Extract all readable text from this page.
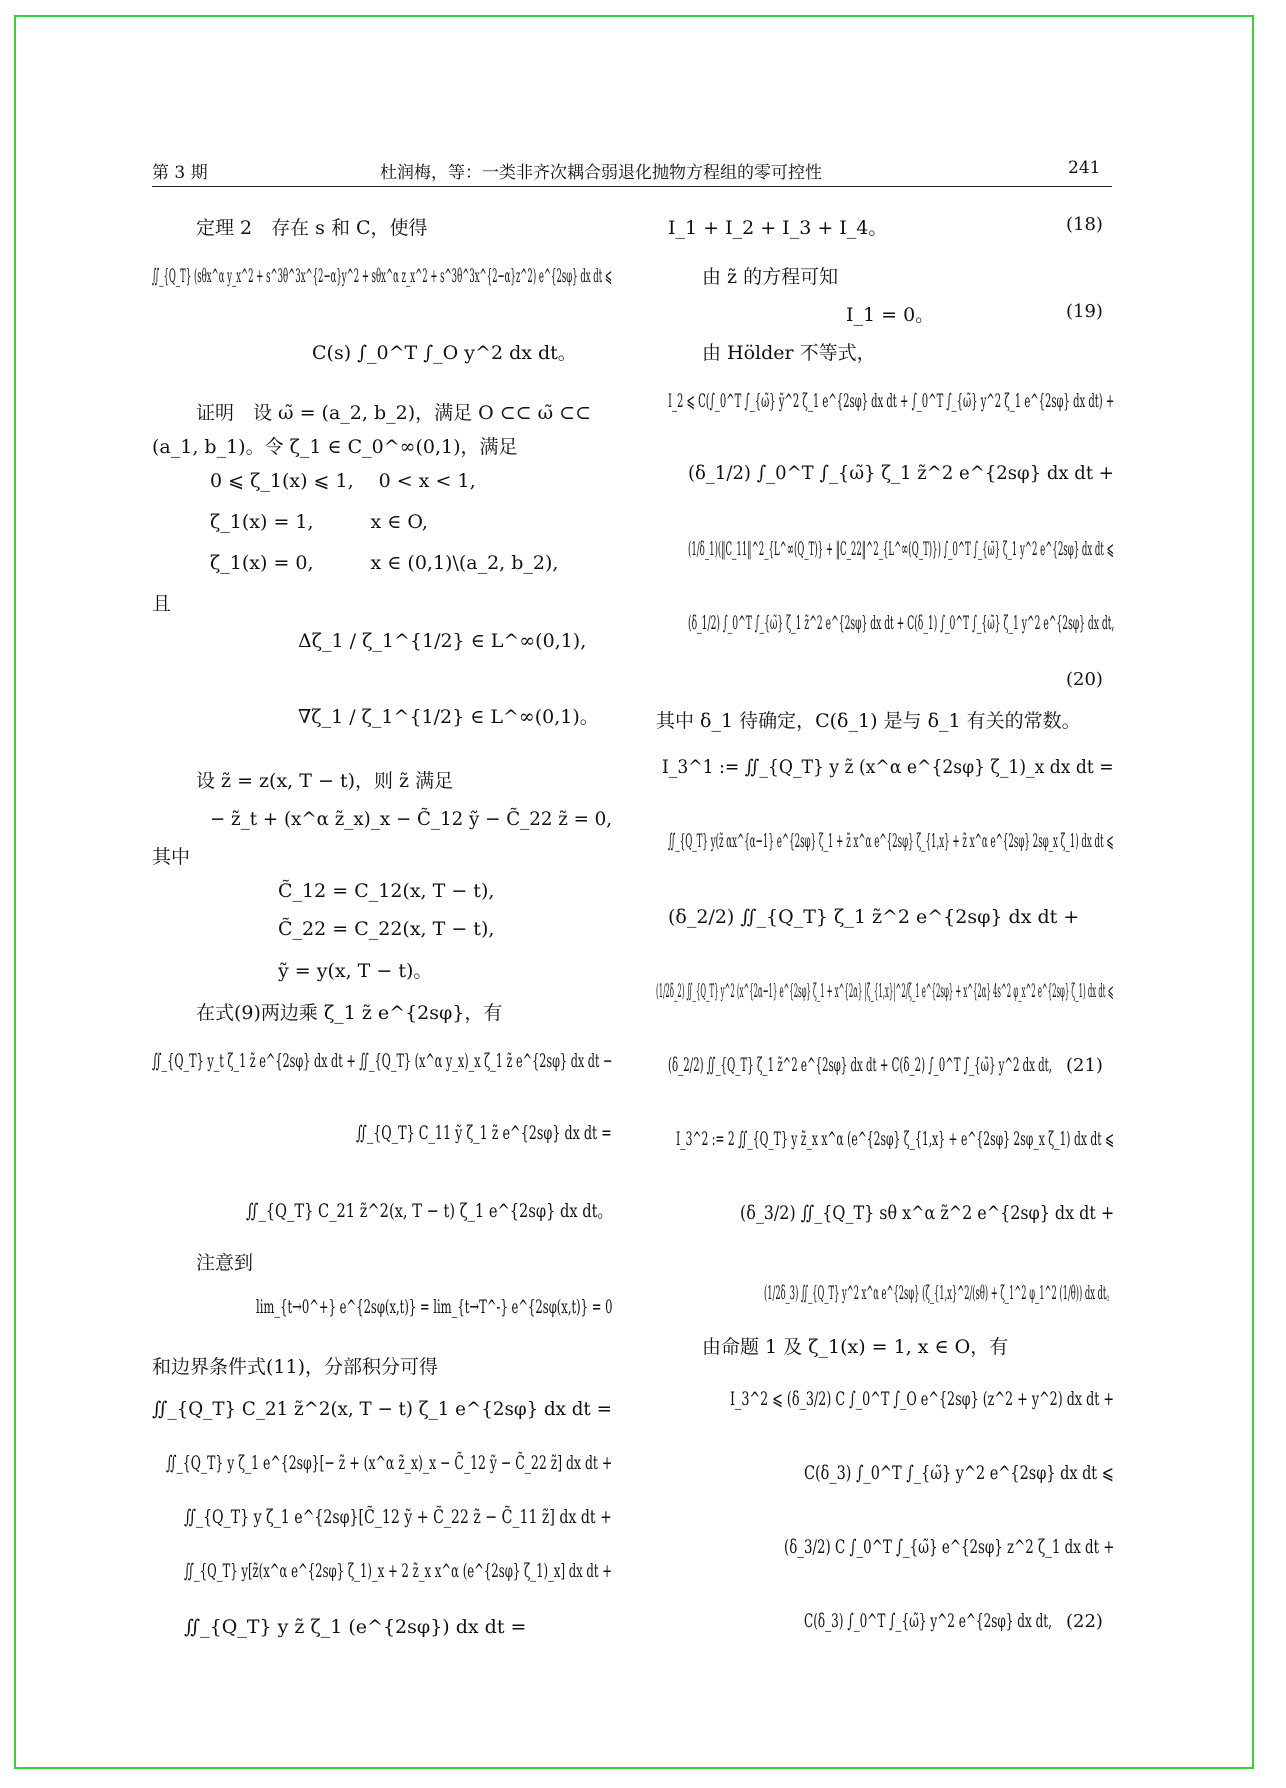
第 3 期	杜润梅，等：一类非齐次耦合弱退化抛物方程组的零可控性	241
定理 2　存在 s 和 C，使得
∬_{Q_T} (sθx^α y_x^2 + s^3θ^3x^{2−α}y^2 + sθx^α z_x^2 + s^3θ^3x^{2−α}z^2) e^{2sφ} dx dt ⩽
C(s) ∫_0^T ∫_O y^2 dx dt。
证明　设 ω̃ = (a_2, b_2)，满足 O ⊂⊂ ω̃ ⊂⊂
(a_1, b_1)。令 ζ_1 ∈ C_0^∞(0,1)，满足
0 ⩽ ζ_1(x) ⩽ 1,　 0 < x < 1,
ζ_1(x) = 1,　　　x ∈ O,
ζ_1(x) = 0,　　　x ∈ (0,1)\(a_2, b_2),
且
Δζ_1 / ζ_1^{1/2} ∈ L^∞(0,1),
∇ζ_1 / ζ_1^{1/2} ∈ L^∞(0,1)。
设 z̃ = z(x, T − t)，则 z̃ 满足
− z̃_t + (x^α z̃_x)_x − C̃_12 ỹ − C̃_22 z̃ = 0,
其中
C̃_12 = C_12(x, T − t),
C̃_22 = C_22(x, T − t),
ỹ = y(x, T − t)。
在式(9)两边乘 ζ_1 z̃ e^{2sφ}，有
∬_{Q_T} y_t ζ_1 z̃ e^{2sφ} dx dt + ∬_{Q_T} (x^α y_x)_x ζ_1 z̃ e^{2sφ} dx dt −
∬_{Q_T} C_11 ỹ ζ_1 z̃ e^{2sφ} dx dt =
∬_{Q_T} C_21 z̃^2(x, T − t) ζ_1 e^{2sφ} dx dt。
注意到
lim_{t→0^+} e^{2sφ(x,t)} = lim_{t→T^-} e^{2sφ(x,t)} = 0
和边界条件式(11)，分部积分可得
∬_{Q_T} C_21 z̃^2(x, T − t) ζ_1 e^{2sφ} dx dt =
∬_{Q_T} y ζ_1 e^{2sφ}[− z̃ + (x^α z̃_x)_x − C̃_12 ỹ − C̃_22 z̃] dx dt +
∬_{Q_T} y ζ_1 e^{2sφ}[C̃_12 ỹ + C̃_22 z̃ − C̃_11 z̃] dx dt +
∬_{Q_T} y[z̃(x^α e^{2sφ} ζ_1)_x + 2 z̃_x x^α (e^{2sφ} ζ_1)_x] dx dt +
∬_{Q_T} y z̃ ζ_1 (e^{2sφ}) dx dt =
I_1 + I_2 + I_3 + I_4。	(18)
由 z̃ 的方程可知
I_1 = 0。	(19)
由 Hölder 不等式，
I_2 ⩽ C(∫_0^T ∫_{ω̃} ỹ^2 ζ_1 e^{2sφ} dx dt + ∫_0^T ∫_{ω̃} y^2 ζ_1 e^{2sφ} dx dt) +
(δ_1/2) ∫_0^T ∫_{ω̃} ζ_1 z̃^2 e^{2sφ} dx dt +
(1/δ_1)(‖C_11‖^2_{L^∞(Q_T)} + ‖C_22‖^2_{L^∞(Q_T)}) ∫_0^T ∫_{ω̃} ζ_1 y^2 e^{2sφ} dx dt ⩽
(δ_1/2) ∫_0^T ∫_{ω̃} ζ_1 z̃^2 e^{2sφ} dx dt + C(δ_1) ∫_0^T ∫_{ω̃} ζ_1 y^2 e^{2sφ} dx dt,
(20)
其中 δ_1 待确定，C(δ_1) 是与 δ_1 有关的常数。
I_3^1 := ∬_{Q_T} y z̃ (x^α e^{2sφ} ζ_1)_x dx dt =
∬_{Q_T} y(z̃ αx^{α−1} e^{2sφ} ζ_1 + z̃ x^α e^{2sφ} ζ_{1,x} + z̃ x^α e^{2sφ} 2sφ_x ζ_1) dx dt ⩽
(δ_2/2) ∬_{Q_T} ζ_1 z̃^2 e^{2sφ} dx dt +
(1/2δ_2) ∬_{Q_T} y^2 (x^{2α−1} e^{2sφ} ζ_1 + x^{2α} |ζ_{1,x}|^2/ζ_1 e^{2sφ} + x^{2α} 4s^2 φ_x^2 e^{2sφ} ζ_1) dx dt ⩽
(δ_2/2) ∬_{Q_T} ζ_1 z̃^2 e^{2sφ} dx dt + C(δ_2) ∫_0^T ∫_{ω̃} y^2 dx dt, (21)
I_3^2 := 2 ∬_{Q_T} y z̃_x x^α (e^{2sφ} ζ_{1,x} + e^{2sφ} 2sφ_x ζ_1) dx dt ⩽
(δ_3/2) ∬_{Q_T} sθ x^α z̃^2 e^{2sφ} dx dt +
(1/2δ_3) ∬_{Q_T} y^2 x^α e^{2sφ} (ζ_{1,x}^2/(sθ) + ζ_1^2 φ_1^2 (1/θ)) dx dt。
由命题 1 及 ζ_1(x) = 1, x ∈ O，有
I_3^2 ⩽ (δ_3/2) C ∫_0^T ∫_O e^{2sφ} (z^2 + y^2) dx dt +
C(δ_3) ∫_0^T ∫_{ω̃} y^2 e^{2sφ} dx dt ⩽
(δ_3/2) C ∫_0^T ∫_{ω̃} e^{2sφ} z^2 ζ_1 dx dt +
C(δ_3) ∫_0^T ∫_{ω̃} y^2 e^{2sφ} dx dt, (22)
